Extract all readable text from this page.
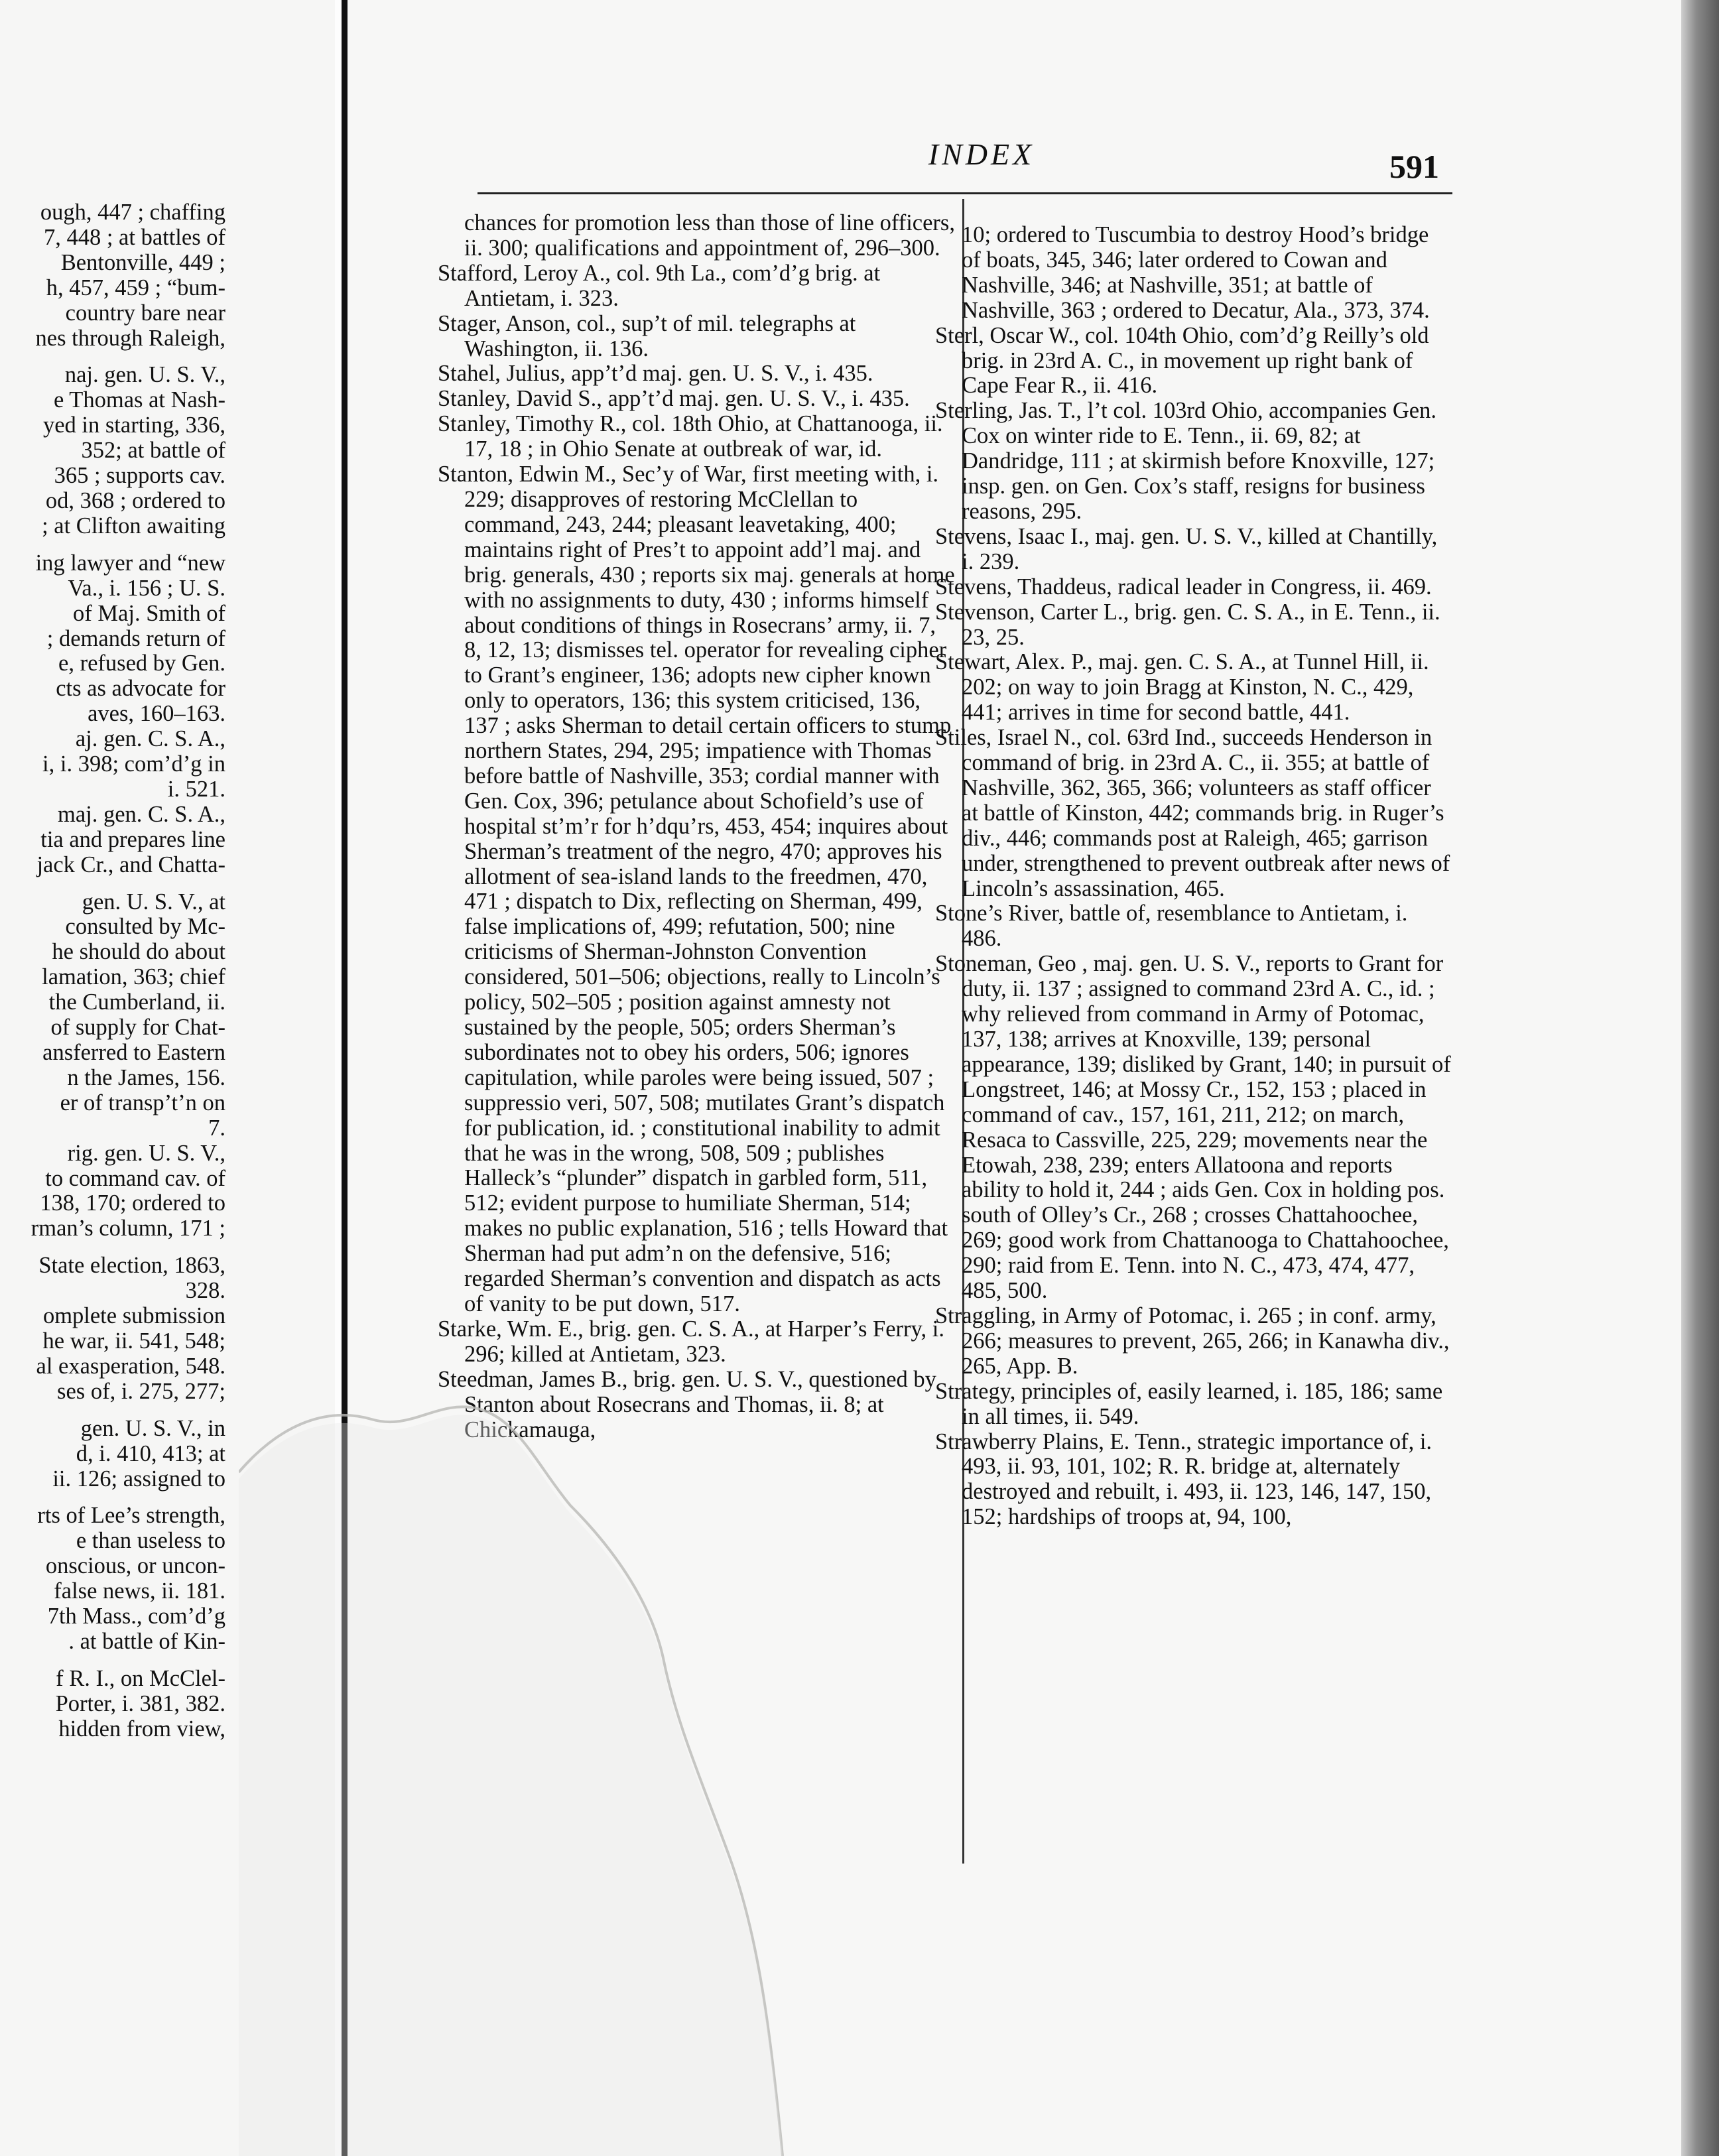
INDEX	591
ough, 447 ; chaffing
7, 448 ; at battles of
Bentonville, 449 ;
h, 457, 459 ; “bum-
country bare near
nes through Raleigh,
naj. gen. U. S. V.,
e Thomas at Nash-
yed in starting, 336,
352; at battle of
365 ; supports cav.
od, 368 ; ordered to
; at Clifton awaiting
ing lawyer and “new
Va., i. 156 ; U. S.
of Maj. Smith of
; demands return of
e, refused by Gen.
cts as advocate for
aves, 160–163.
aj. gen. C. S. A.,
i, i. 398; com’d’g in
i. 521.
maj. gen. C. S. A.,
tia and prepares line
jack Cr., and Chatta-
gen. U. S. V., at
consulted by Mc-
he should do about
lamation, 363; chief
the Cumberland, ii.
of supply for Chat-
ansferred to Eastern
n the James, 156.
er of transp’t’n on
7.
rig. gen. U. S. V.,
to command cav. of
138, 170; ordered to
rman’s column, 171 ;
State election, 1863,
328.
omplete submission
he war, ii. 541, 548;
al exasperation, 548.
ses of, i. 275, 277;
gen. U. S. V., in
d, i. 410, 413; at
ii. 126; assigned to
rts of Lee’s strength,
e than useless to
onscious, or uncon-
false news, ii. 181.
7th Mass., com’d’g
. at battle of Kin-
f R. I., on McClel-
Porter, i. 381, 382.
hidden from view,
chances for promotion less than those of line officers, ii. 300; qualifications and appointment of, 296–300.
Stafford, Leroy A., col. 9th La., com’d’g brig. at Antietam, i. 323.
Stager, Anson, col., sup’t of mil. telegraphs at Washington, ii. 136.
Stahel, Julius, app’t’d maj. gen. U. S. V., i. 435.
Stanley, David S., app’t’d maj. gen. U. S. V., i. 435.
Stanley, Timothy R., col. 18th Ohio, at Chattanooga, ii. 17, 18 ; in Ohio Senate at outbreak of war, id.
Stanton, Edwin M., Sec’y of War, first meeting with, i. 229; disapproves of restoring McClellan to command, 243, 244; pleasant leavetaking, 400; maintains right of Pres’t to appoint add’l maj. and brig. generals, 430 ; reports six maj. generals at home with no assignments to duty, 430 ; informs himself about conditions of things in Rosecrans’ army, ii. 7, 8, 12, 13; dismisses tel. operator for revealing cipher to Grant’s engineer, 136; adopts new cipher known only to operators, 136; this system criticised, 136, 137 ; asks Sherman to detail certain officers to stump northern States, 294, 295; impatience with Thomas before battle of Nashville, 353; cordial manner with Gen. Cox, 396; petulance about Schofield’s use of hospital st’m’r for h’dqu’rs, 453, 454; inquires about Sherman’s treatment of the negro, 470; approves his allotment of sea-island lands to the freedmen, 470, 471 ; dispatch to Dix, reflecting on Sherman, 499, false implications of, 499; refutation, 500; nine criticisms of Sherman-Johnston Convention considered, 501–506; objections, really to Lincoln’s policy, 502–505 ; position against amnesty not sustained by the people, 505; orders Sherman’s subordinates not to obey his orders, 506; ignores capitulation, while paroles were being issued, 507 ; suppressio veri, 507, 508; mutilates Grant’s dispatch for publication, id. ; constitutional inability to admit that he was in the wrong, 508, 509 ; publishes Halleck’s “plunder” dispatch in garbled form, 511, 512; evident purpose to humiliate Sherman, 514; makes no public explanation, 516 ; tells Howard that Sherman had put adm’n on the defensive, 516; regarded Sherman’s convention and dispatch as acts of vanity to be put down, 517.
Starke, Wm. E., brig. gen. C. S. A., at Harper’s Ferry, i. 296; killed at Antietam, 323.
Steedman, James B., brig. gen. U. S. V., questioned by Stanton about Rosecrans and Thomas, ii. 8; at Chickamauga,
10; ordered to Tuscumbia to destroy Hood’s bridge of boats, 345, 346; later ordered to Cowan and Nashville, 346; at Nashville, 351; at battle of Nashville, 363 ; ordered to Decatur, Ala., 373, 374.
Sterl, Oscar W., col. 104th Ohio, com’d’g Reilly’s old brig. in 23rd A. C., in movement up right bank of Cape Fear R., ii. 416.
Sterling, Jas. T., l’t col. 103rd Ohio, accompanies Gen. Cox on winter ride to E. Tenn., ii. 69, 82; at Dandridge, 111 ; at skirmish before Knoxville, 127; insp. gen. on Gen. Cox’s staff, resigns for business reasons, 295.
Stevens, Isaac I., maj. gen. U. S. V., killed at Chantilly, i. 239.
Stevens, Thaddeus, radical leader in Congress, ii. 469.
Stevenson, Carter L., brig. gen. C. S. A., in E. Tenn., ii. 23, 25.
Stewart, Alex. P., maj. gen. C. S. A., at Tunnel Hill, ii. 202; on way to join Bragg at Kinston, N. C., 429, 441; arrives in time for second battle, 441.
Stiles, Israel N., col. 63rd Ind., succeeds Henderson in command of brig. in 23rd A. C., ii. 355; at battle of Nashville, 362, 365, 366; volunteers as staff officer at battle of Kinston, 442; commands brig. in Ruger’s div., 446; commands post at Raleigh, 465; garrison under, strengthened to prevent outbreak after news of Lincoln’s assassination, 465.
Stone’s River, battle of, resemblance to Antietam, i. 486.
Stoneman, Geo , maj. gen. U. S. V., reports to Grant for duty, ii. 137 ; assigned to command 23rd A. C., id. ; why relieved from command in Army of Potomac, 137, 138; arrives at Knoxville, 139; personal appearance, 139; disliked by Grant, 140; in pursuit of Longstreet, 146; at Mossy Cr., 152, 153 ; placed in command of cav., 157, 161, 211, 212; on march, Resaca to Cassville, 225, 229; movements near the Etowah, 238, 239; enters Allatoona and reports ability to hold it, 244 ; aids Gen. Cox in holding pos. south of Olley’s Cr., 268 ; crosses Chattahoochee, 269; good work from Chattanooga to Chattahoochee, 290; raid from E. Tenn. into N. C., 473, 474, 477, 485, 500.
Straggling, in Army of Potomac, i. 265 ; in conf. army, 266; measures to prevent, 265, 266; in Kanawha div., 265, App. B.
Strategy, principles of, easily learned, i. 185, 186; same in all times, ii. 549.
Strawberry Plains, E. Tenn., strategic importance of, i. 493, ii. 93, 101, 102; R. R. bridge at, alternately destroyed and rebuilt, i. 493, ii. 123, 146, 147, 150, 152; hardships of troops at, 94, 100,
